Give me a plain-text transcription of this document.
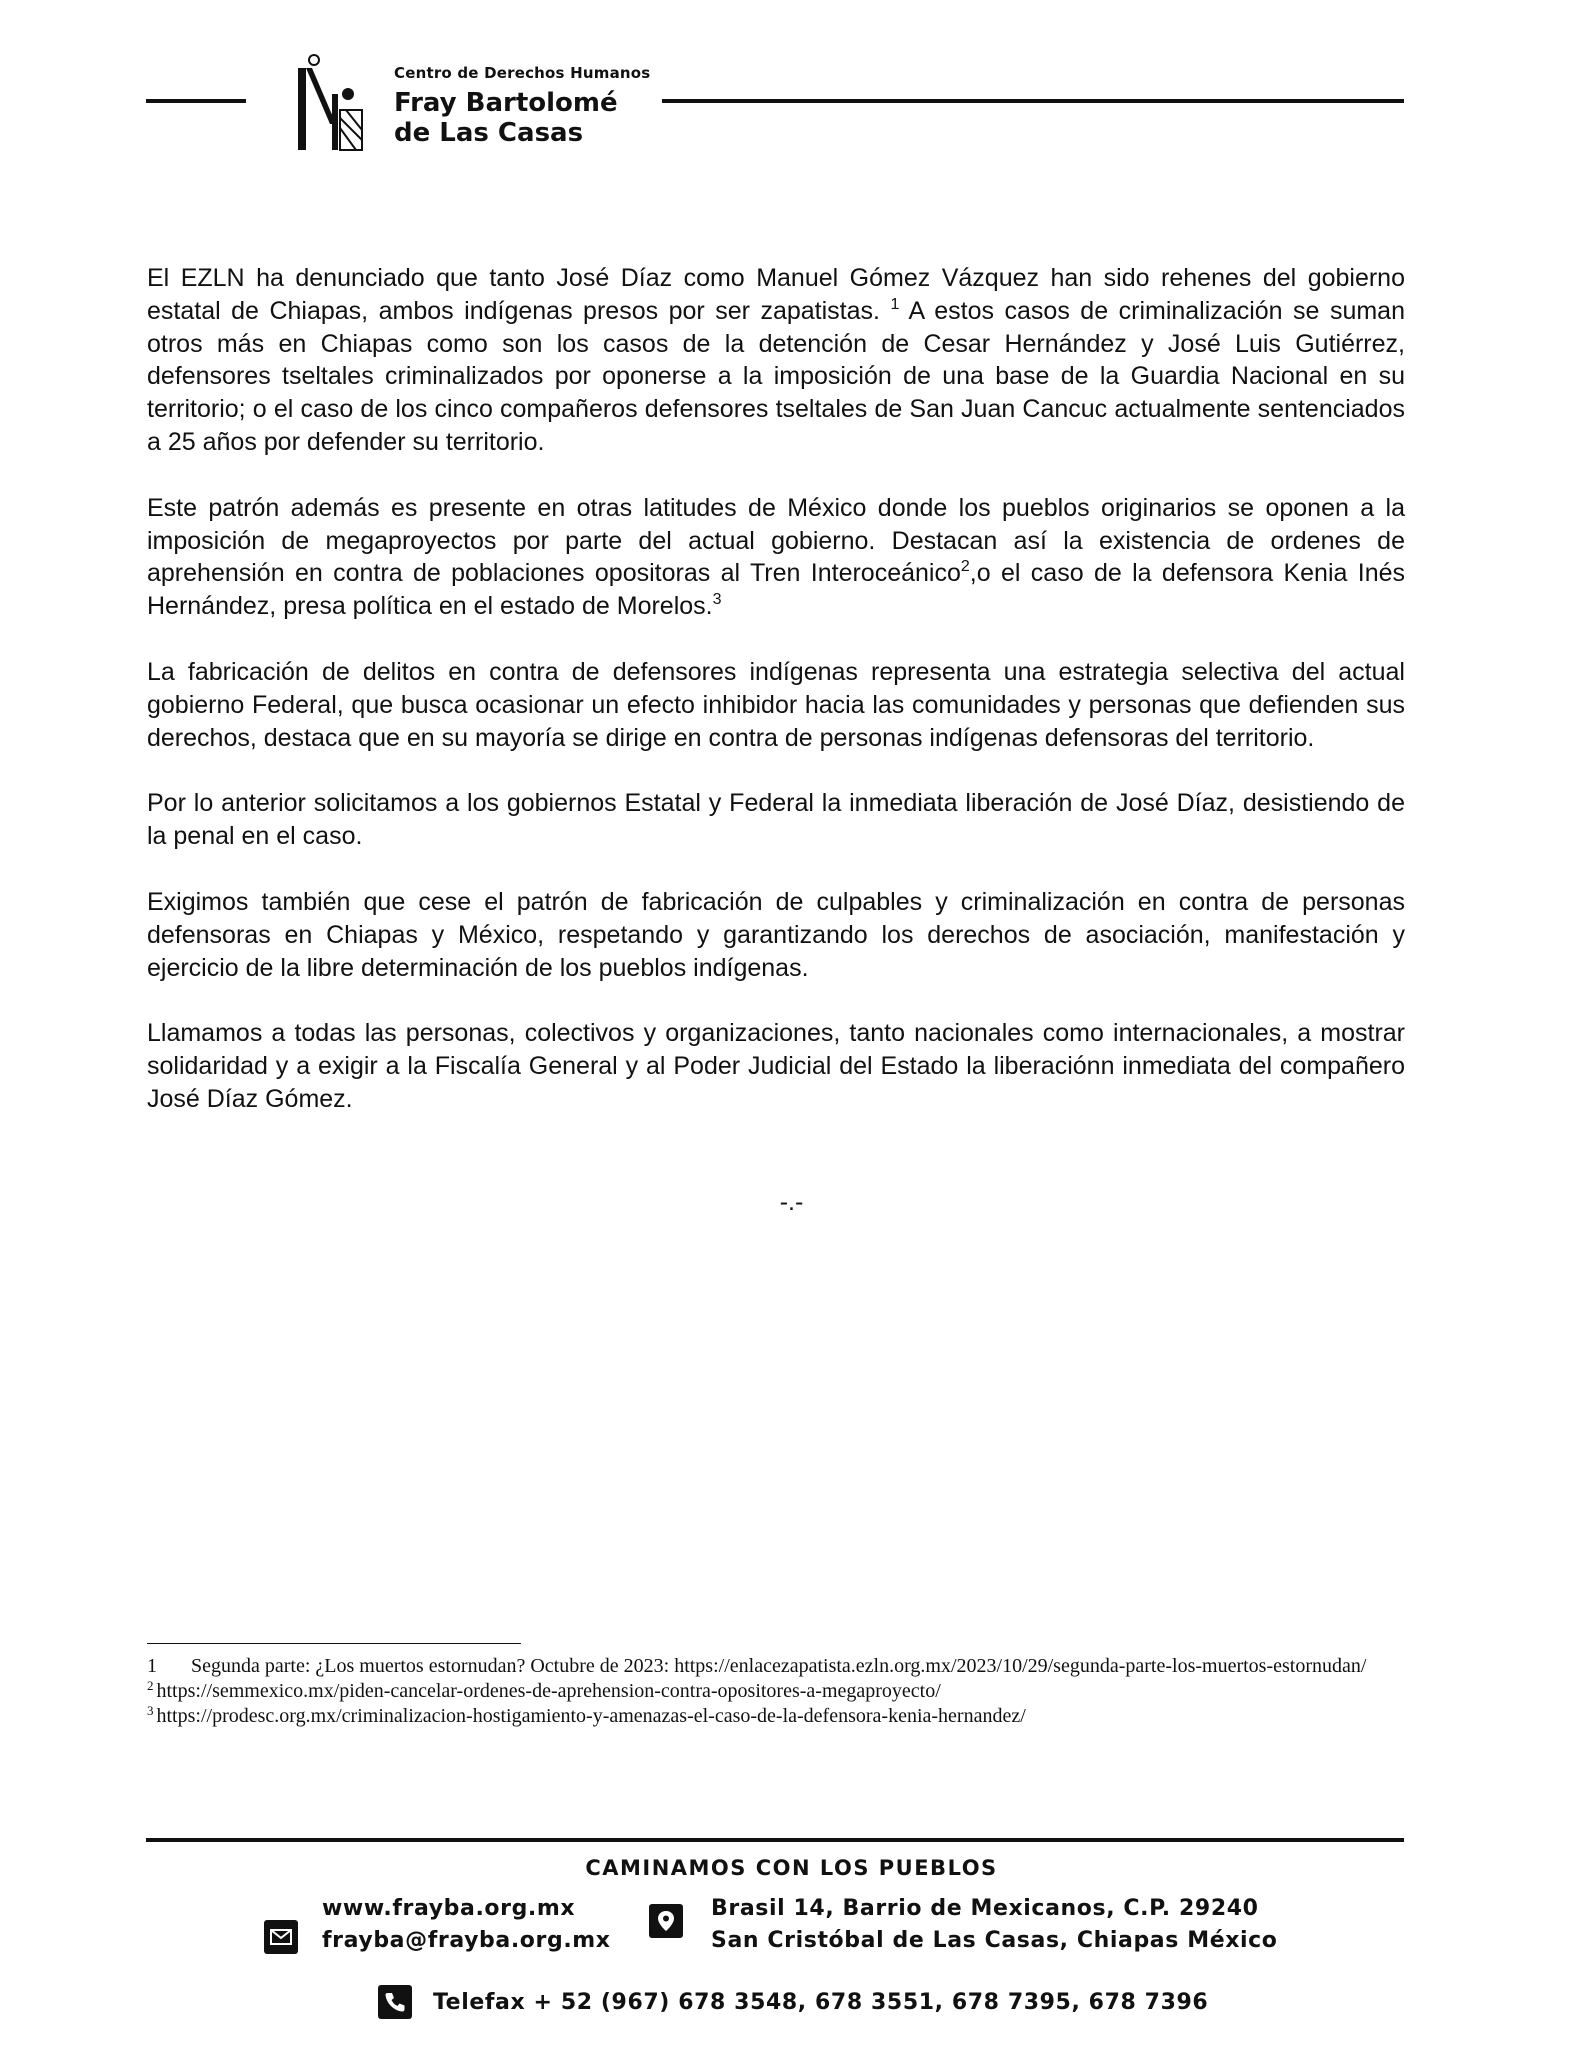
Centro de Derechos Humanos
Fray Bartolomé
de Las Casas

El EZLN ha denunciado que tanto José Díaz como Manuel Gómez Vázquez han sido rehenes del gobierno estatal de Chiapas, ambos indígenas presos por ser zapatistas. $^1$ A estos casos de criminalización se suman otros más en Chiapas como son los casos de la detención de Cesar Hernández y José Luis Gutiérrez, defensores tseltales criminalizados por oponerse a la imposición de una base de la Guardia Nacional en su territorio; o el caso de los cinco compañeros defensores tseltales de San Juan Cancuc actualmente sentenciados a 25 años por defender su territorio.

Este patrón además es presente en otras latitudes de México donde los pueblos originarios se oponen a la imposición de megaproyectos por parte del actual gobierno. Destacan así la existencia de ordenes de aprehensión en contra de poblaciones opositoras al Tren Interoceánico$^2$,o el caso de la defensora Kenia Inés Hernández, presa política en el estado de Morelos.$^3$

La fabricación de delitos en contra de defensores indígenas representa una estrategia selectiva del actual gobierno Federal, que busca ocasionar un efecto inhibidor hacia las comunidades y personas que defienden sus derechos, destaca que en su mayoría se dirige en contra de personas indígenas defensoras del territorio.

Por lo anterior solicitamos a los gobiernos Estatal y Federal la inmediata liberación de José Díaz, desistiendo de la penal en el caso.

Exigimos también que cese el patrón de fabricación de culpables y criminalización en contra de personas defensoras en Chiapas y México, respetando y garantizando los derechos de asociación, manifestación y ejercicio de la libre determinación de los pueblos indígenas.

Llamamos a todas las personas, colectivos y organizaciones, tanto nacionales como internacionales, a mostrar solidaridad y a exigir a la Fiscalía General y al Poder Judicial del Estado la liberaciónn inmediata del compañero José Díaz Gómez.

-.-
1	Segunda parte: ¿Los muertos estornudan? Octubre de 2023: https://enlacezapatista.ezln.org.mx/2023/10/29/segunda-parte-los-muertos-estornudan/
$^2$ https://semmexico.mx/piden-cancelar-ordenes-de-aprehension-contra-opositores-a-megaproyecto/
$^3$ https://prodesc.org.mx/criminalizacion-hostigamiento-y-amenazas-el-caso-de-la-defensora-kenia-hernandez/
CAMINAMOS CON LOS PUEBLOS
www.frayba.org.mx
frayba@frayba.org.mx
Brasil 14, Barrio de Mexicanos, C.P. 29240
San Cristóbal de Las Casas, Chiapas México
Telefax + 52 (967) 678 3548, 678 3551, 678 7395, 678 7396
